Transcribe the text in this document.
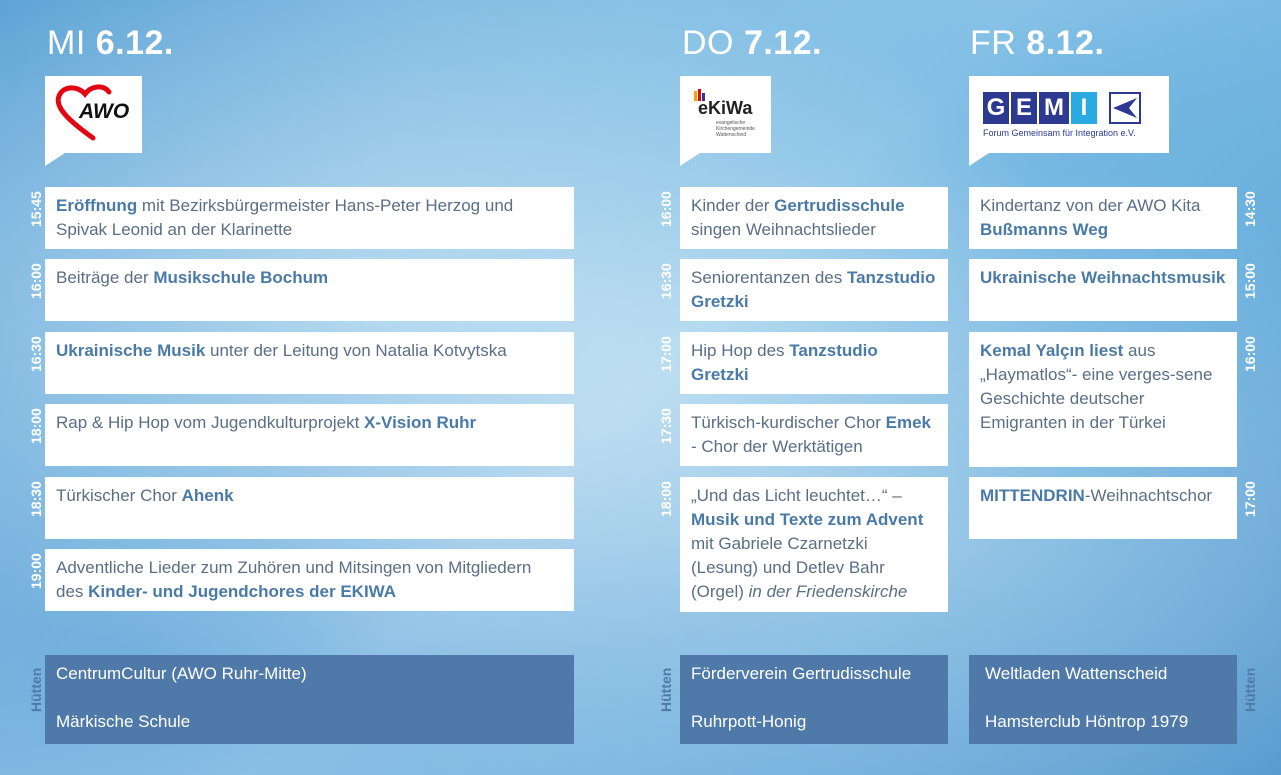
MI 6.12.	DO 7.12.	FR 8.12.
AWO	eKiWa
evangelische Kirchengemeinde Wattenscheid
G E M I
Forum Gemeinsam für Integration e.V.
Eröffnung mit Bezirksbürgermeister Hans-Peter Herzog und Spivak Leonid an der Klarinette
15:45
Beiträge der Musikschule Bochum
16:00
Ukrainische Musik unter der Leitung von Natalia Kotvytska
16:30
Rap & Hip Hop vom Jugendkulturprojekt X-Vision Ruhr
18:00
Türkischer Chor Ahenk
18:30
Adventliche Lieder zum Zuhören und Mitsingen von Mitgliedern des Kinder- und Jugendchores der EKIWA
19:00
Kinder der Gertrudisschule singen Weihnachtslieder
16:00
Seniorentanzen des Tanzstudio Gretzki
16:30
Hip Hop des Tanzstudio Gretzki
17:00
Türkisch-kurdischer Chor Emek - Chor der Werktätigen
17:30
„Und das Licht leuchtet…“ – Musik und Texte zum Advent mit Gabriele Czarnetzki (Lesung) und Detlev Bahr (Orgel) in der Friedenskirche
18:00
Kindertanz von der AWO Kita Bußmanns Weg
14:30
Ukrainische Weihnachtsmusik	15:00
Kemal Yalçın liest aus „Haymatlos“- eine verges-sene Geschichte deutscher Emigranten in der Türkei
16:00
MITTENDRIN-Weihnachtschor	17:00
CentrumCultur (AWO Ruhr-Mitte)
Märkische Schule
Förderverein Gertrudisschule
Ruhrpott-Honig
Weltladen Wattenscheid
Hamsterclub Höntrop 1979
Hütten	Hütten	Hütten
